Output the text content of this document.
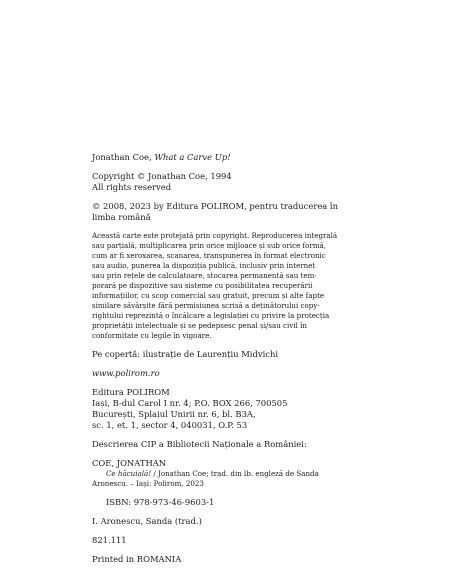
Jonathan Coe, What a Carve Up!
Copyright © Jonathan Coe, 1994
All rights reserved
© 2008, 2023 by Editura POLIROM, pentru traducerea în
limba română
Această carte este protejată prin copyright. Reproducerea integrală
sau parțială, multiplicarea prin orice mijloace și sub orice formă,
cum ar fi xeroxarea, scanarea, transpunerea în format electronic
sau audio, punerea la dispoziția publică, inclusiv prin internet
sau prin rețele de calculatoare, stocarea permanentă sau tem-
porară pe dispozitive sau sisteme cu posibilitatea recuperării
informațiilor, cu scop comercial sau gratuit, precum și alte fapte
similare săvârșite fără permisiunea scrisă a deținătorului copy-
rightului reprezintă o încălcare a legislației cu privire la protecția
proprietății intelectuale și se pedepsesc penal și/sau civil în
conformitate cu legile în vigoare.
Pe copertă: ilustrație de Laurențiu Midvichi
www.polirom.ro
Editura POLIROM
Iași, B-dul Carol I nr. 4; P.O. BOX 266, 700505
București, Splaiul Unirii nr. 6, bl. B3A,
sc. 1, et. 1, sector 4, 040031, O.P. 53
Descrierea CIP a Bibliotecii Naționale a României:
COE, JONATHAN
Ce hăcuială! / Jonathan Coe; trad. din lb. engleză de Sanda
Aronescu. – Iași: Polirom, 2023
ISBN: 978-973-46-9603-1
I. Aronescu, Sanda (trad.)
821.111
Printed in ROMANIA
